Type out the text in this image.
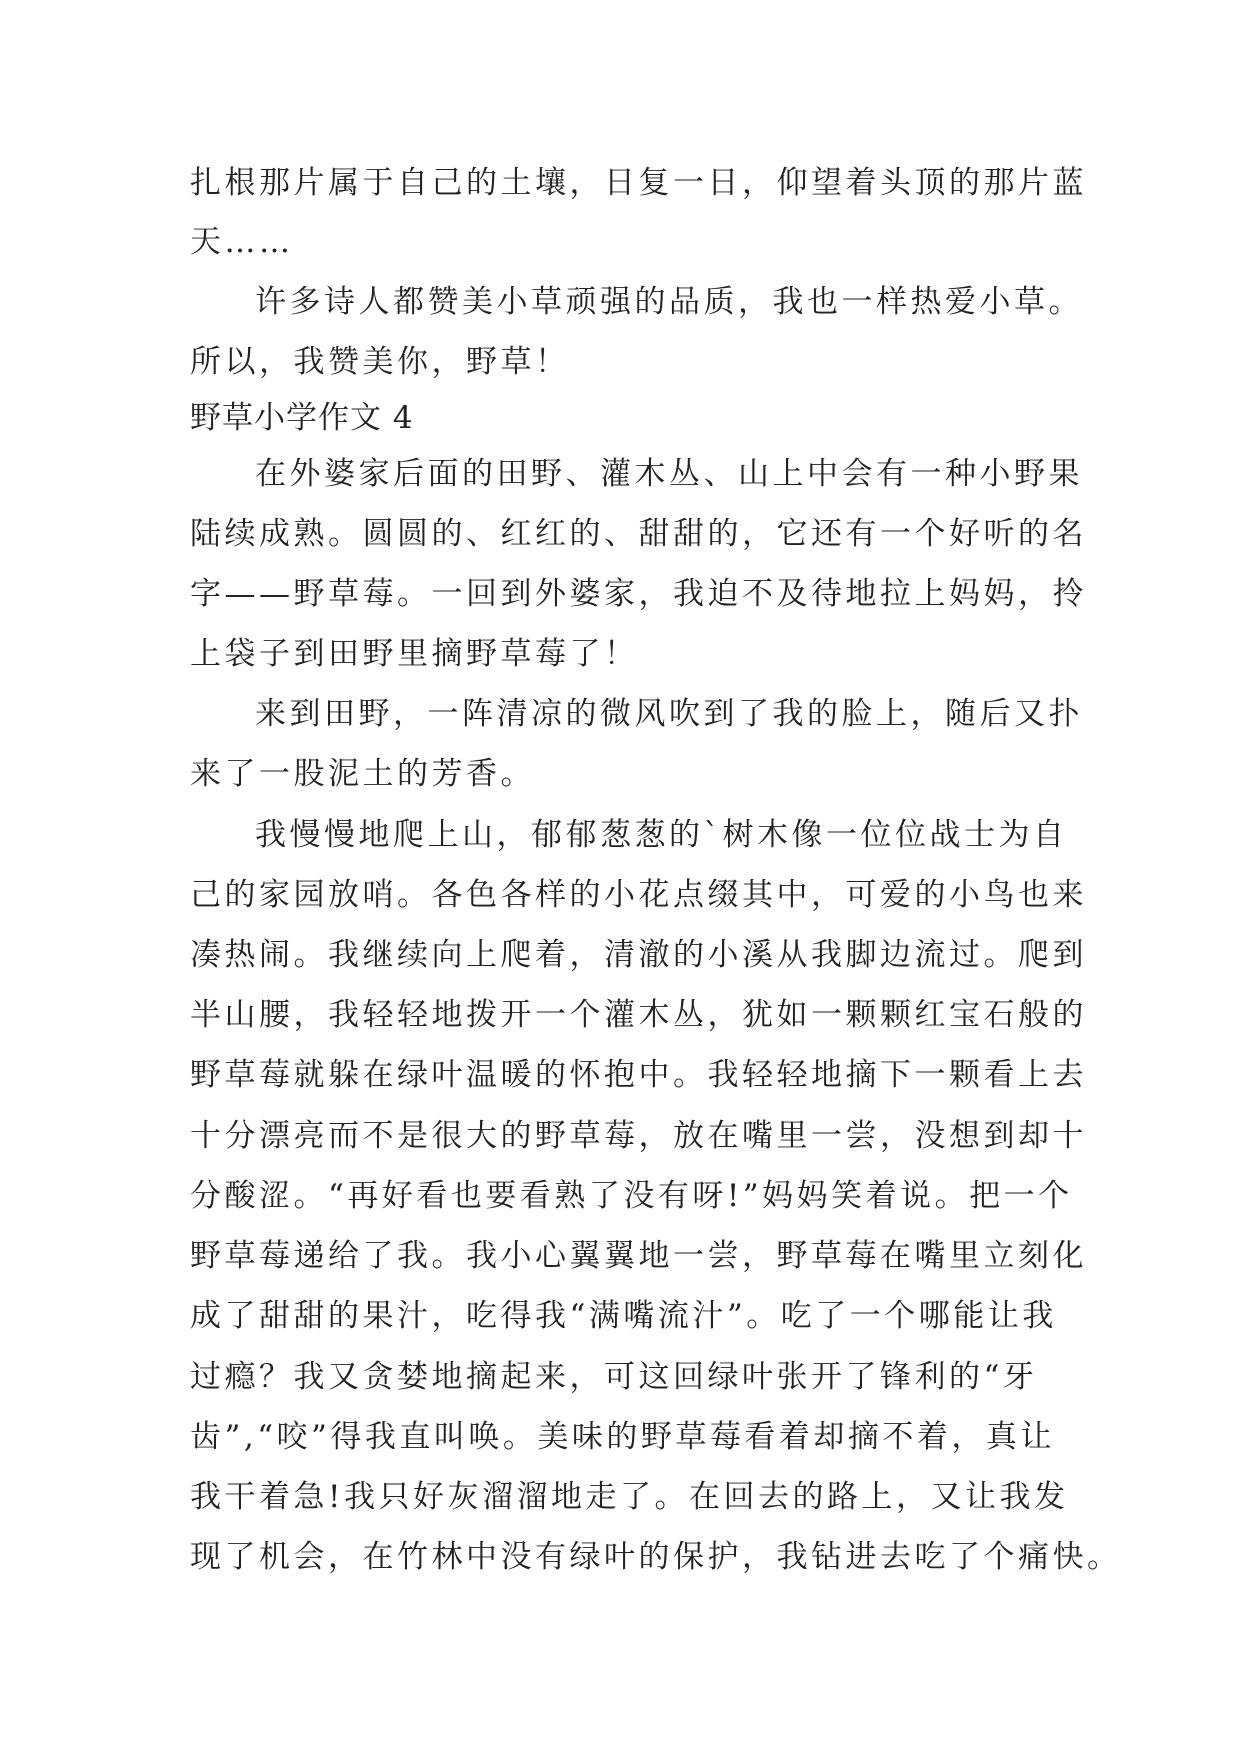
扎根那片属于自己的土壤，日复一日，仰望着头顶的那片蓝
天……
许多诗人都赞美小草顽强的品质，我也一样热爱小草。
所以，我赞美你，野草！
野草小学作文 4
在外婆家后面的田野、灌木丛、山上中会有一种小野果
陆续成熟。圆圆的、红红的、甜甜的，它还有一个好听的名
字——野草莓。一回到外婆家，我迫不及待地拉上妈妈，拎
上袋子到田野里摘野草莓了！
来到田野，一阵清凉的微风吹到了我的脸上，随后又扑
来了一股泥土的芳香。
我慢慢地爬上山，郁郁葱葱的`树木像一位位战士为自
己的家园放哨。各色各样的小花点缀其中，可爱的小鸟也来
凑热闹。我继续向上爬着，清澈的小溪从我脚边流过。爬到
半山腰，我轻轻地拨开一个灌木丛，犹如一颗颗红宝石般的
野草莓就躲在绿叶温暖的怀抱中。我轻轻地摘下一颗看上去
十分漂亮而不是很大的野草莓，放在嘴里一尝，没想到却十
分酸涩。“再好看也要看熟了没有呀!”妈妈笑着说。把一个
野草莓递给了我。我小心翼翼地一尝，野草莓在嘴里立刻化
成了甜甜的果汁，吃得我“满嘴流汁”。吃了一个哪能让我
过瘾？我又贪婪地摘起来，可这回绿叶张开了锋利的“牙
齿”,“咬”得我直叫唤。美味的野草莓看着却摘不着，真让
我干着急!我只好灰溜溜地走了。在回去的路上，又让我发
现了机会，在竹林中没有绿叶的保护，我钻进去吃了个痛快。
